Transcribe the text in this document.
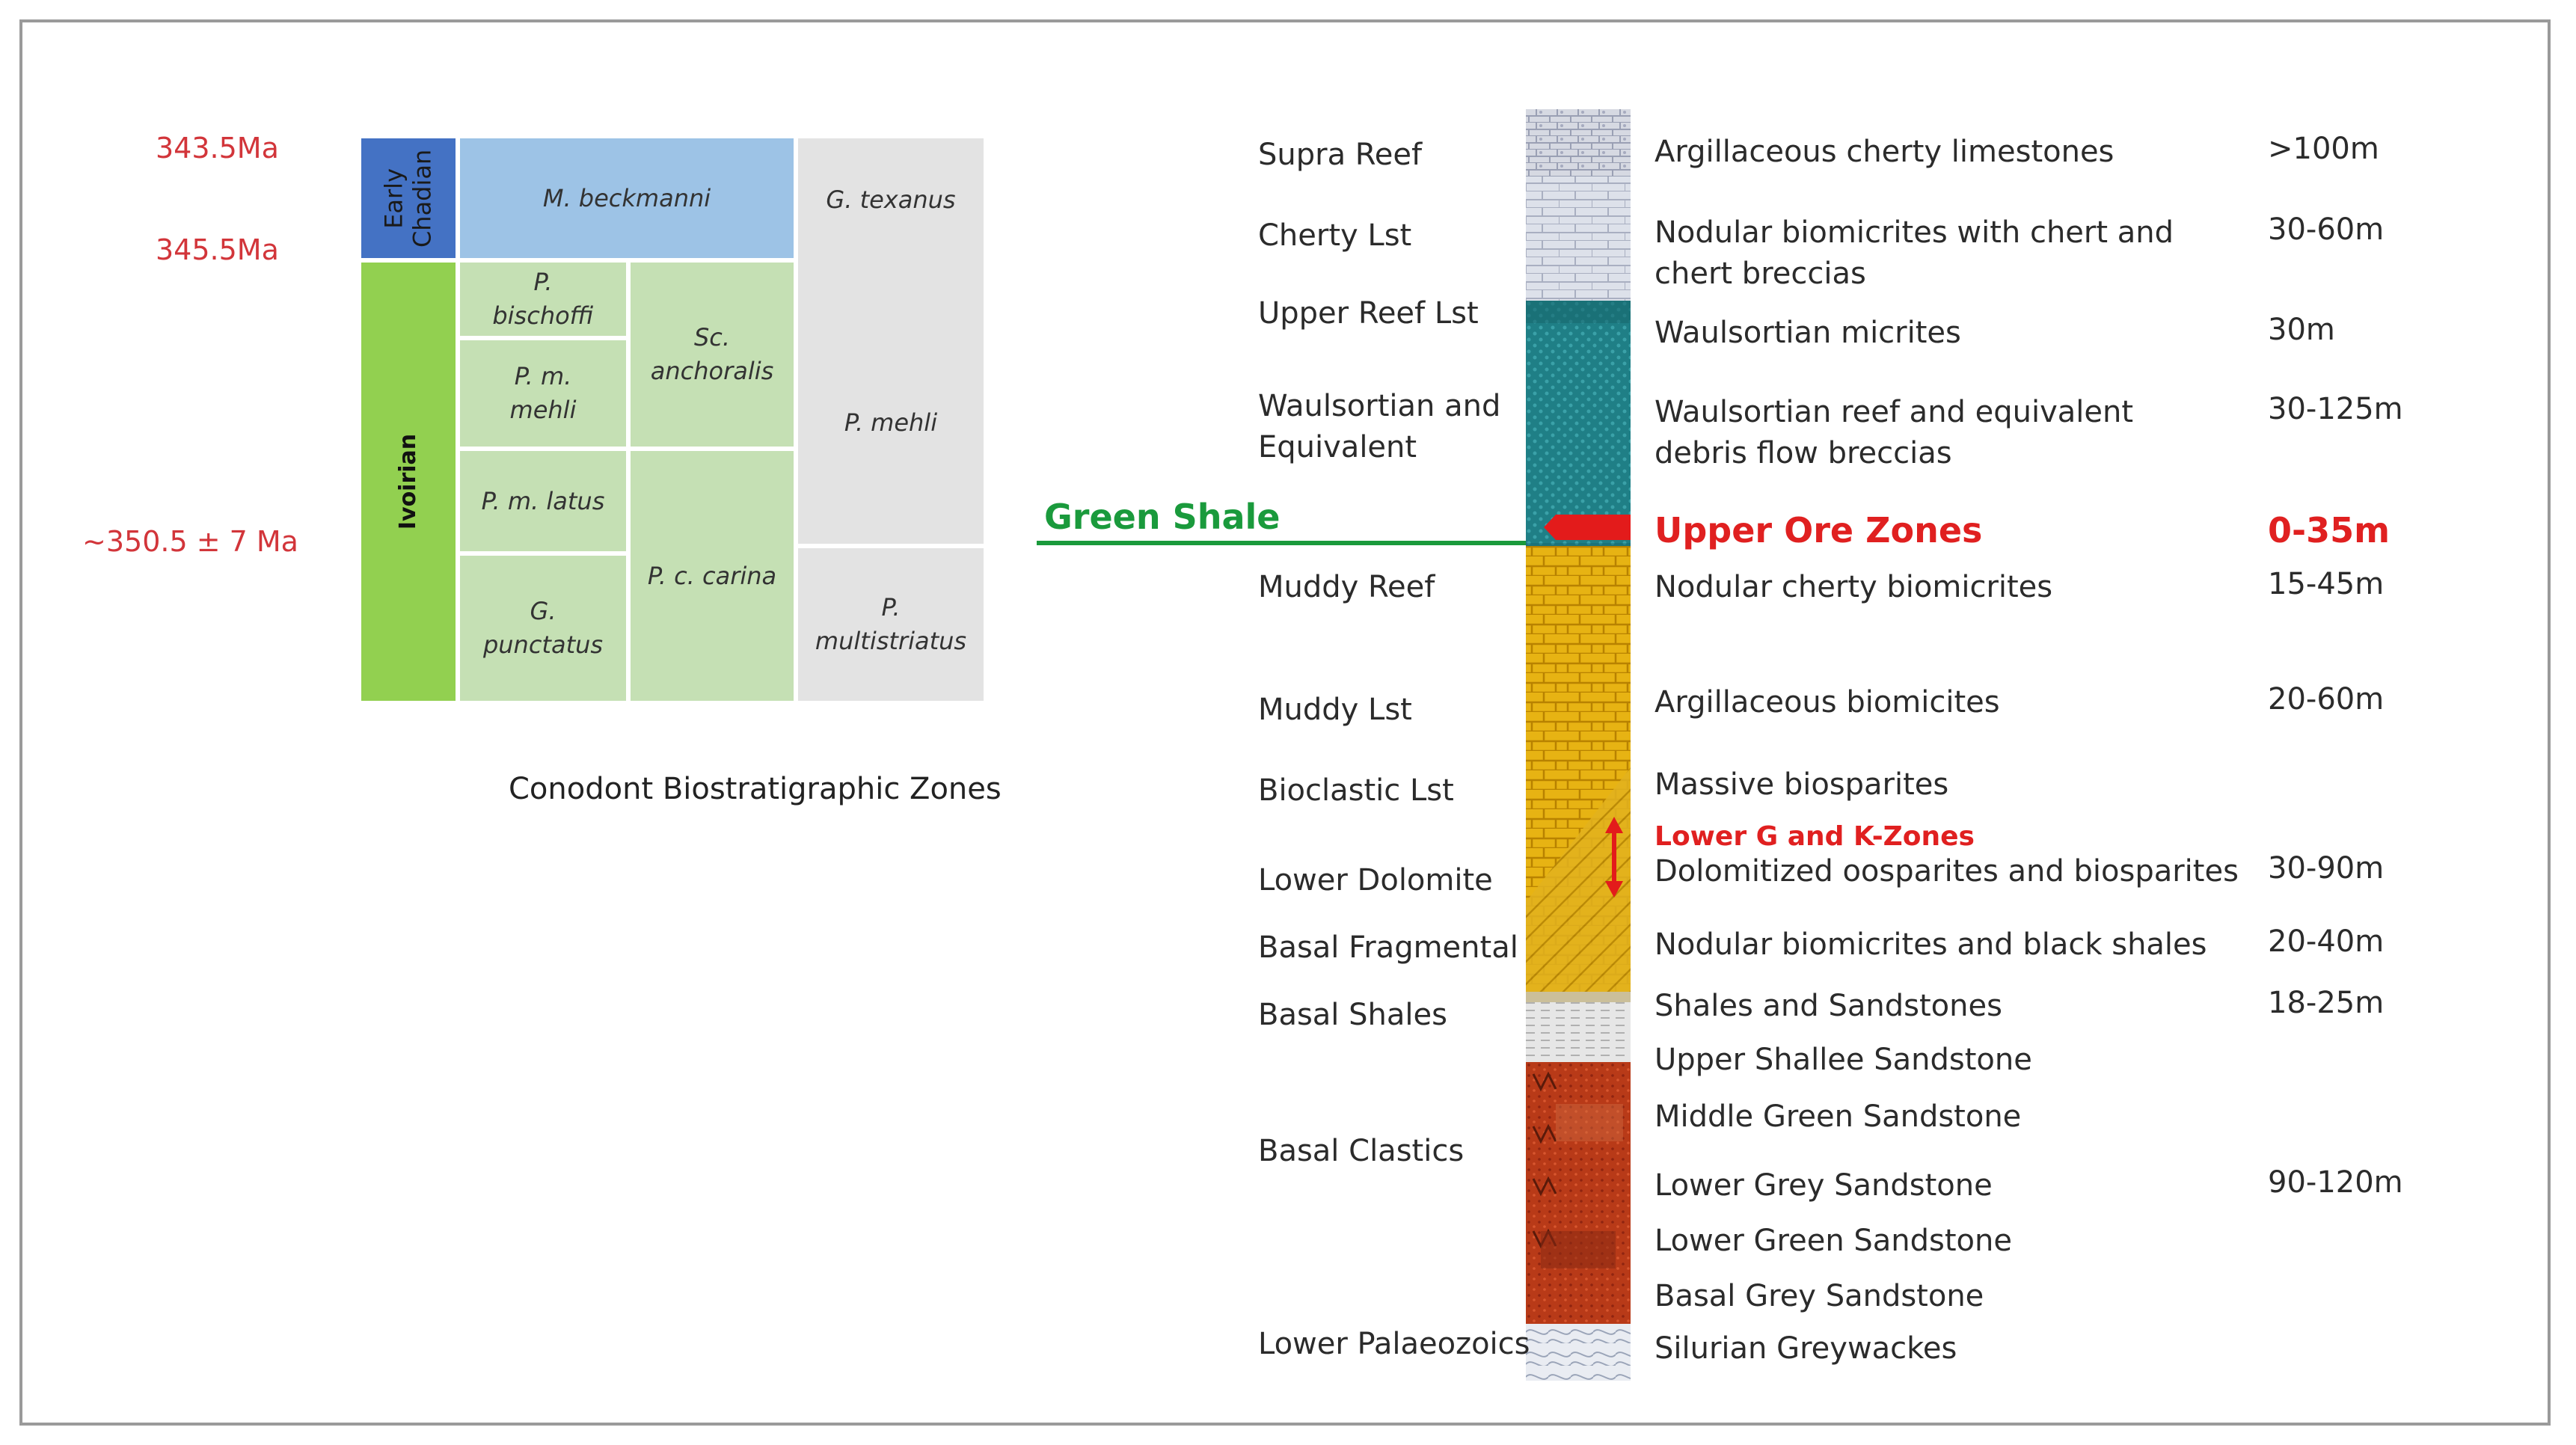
343.5Ma
345.5Ma
~350.5 ± 7 Ma
Early Chadian
Ivoirian
M. beckmanni	G. texanus
P. mehli
P. multistriatus
P. bischoffi
P. m. mehli
P. m. latus
G. punctatus
Sc. anchoralis
P. c. carina
Conodont Biostratigraphic Zones
Green Shale
Supra Reef
Cherty Lst
Upper Reef Lst
Waulsortian and Equivalent
Muddy Reef
Muddy Lst
Bioclastic Lst
Lower Dolomite
Basal Fragmental
Basal Shales
Basal Clastics
Lower Palaeozoics
Argillaceous cherty limestones
Nodular biomicrites with chert and chert breccias
Waulsortian micrites
Waulsortian reef and equivalent debris flow breccias
Upper Ore Zones
Nodular cherty biomicrites
Argillaceous biomicites
Massive biosparites
Lower G and K-Zones
Dolomitized oosparites and biosparites
Nodular biomicrites and black shales
Shales and Sandstones
Upper Shallee Sandstone
Middle Green Sandstone
Lower Grey Sandstone
Lower Green Sandstone
Basal Grey Sandstone
Silurian Greywackes
>100m
30-60m
30m
30-125m
0-35m
15-45m
20-60m
30-90m
20-40m
18-25m
90-120m
